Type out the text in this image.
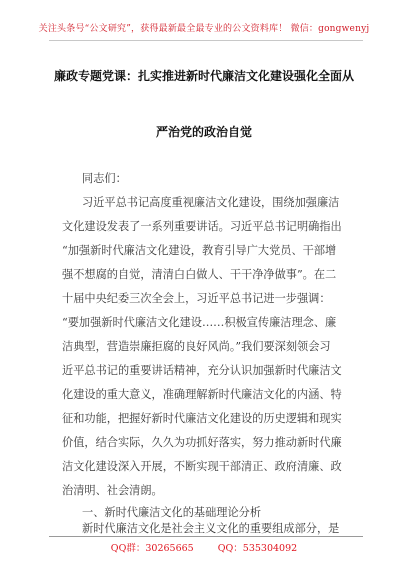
关注头条号“公文研究”，获得最新最全最专业的公文资料库！ 微信：gongwenyj
廉政专题党课：扎实推进新时代廉洁文化建设强化全面从
严治党的政治自觉
同志们：
习近平总书记高度重视廉洁文化建设，围绕加强廉洁
文化建设发表了一系列重要讲话。习近平总书记明确指出
“加强新时代廉洁文化建设，教育引导广大党员、干部增
强不想腐的自觉，清清白白做人、干干净净做事”。在二
十届中央纪委三次全会上，习近平总书记进一步强调：
“要加强新时代廉洁文化建设……积极宣传廉洁理念、廉
洁典型，营造崇廉拒腐的良好风尚。”我们要深刻领会习
近平总书记的重要讲话精神，充分认识加强新时代廉洁文
化建设的重大意义，准确理解新时代廉洁文化的内涵、特
征和功能，把握好新时代廉洁文化建设的历史逻辑和现实
价值，结合实际，久久为功抓好落实，努力推动新时代廉
洁文化建设深入开展，不断实现干部清正、政府清廉、政
治清明、社会清朗。
一、新时代廉洁文化的基础理论分析
新时代廉洁文化是社会主义文化的重要组成部分，是
QQ群：30265665	QQ：535304092
